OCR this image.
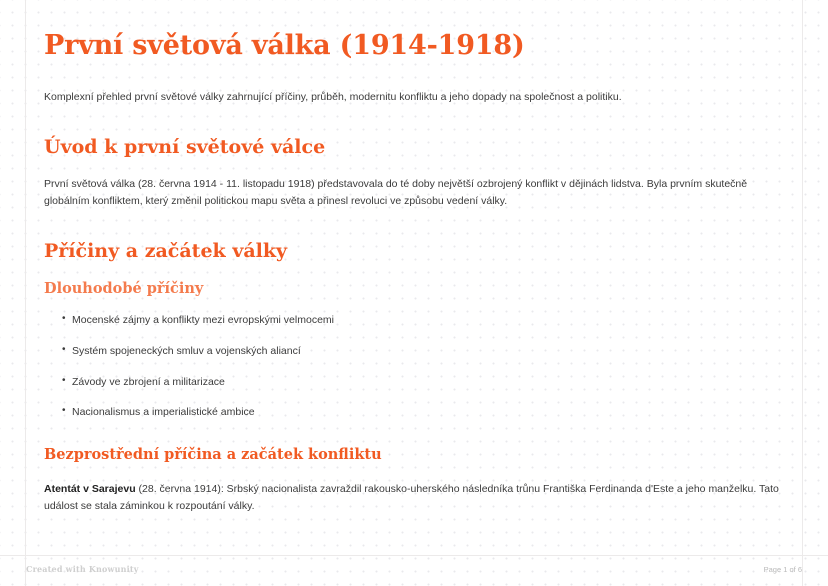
První světová válka (1914-1918)

Komplexní přehled první světové války zahrnující příčiny, průběh, modernitu konfliktu a jeho dopady na společnost a politiku.

Úvod k první světové válce

První světová válka (28. června 1914 - 11. listopadu 1918) představovala do té doby největší ozbrojený konflikt v dějinách lidstva. Byla prvním skutečně globálním konfliktem, který změnil politickou mapu světa a přinesl revoluci ve způsobu vedení války.

Příčiny a začátek války
Dlouhodobé příčiny
• Mocenské zájmy a konflikty mezi evropskými velmocemi
• Systém spojeneckých smluv a vojenských aliancí
• Závody ve zbrojení a militarizace
• Nacionalismus a imperialistické ambice
Bezprostřední příčina a začátek konfliktu

Atentát v Sarajevu (28. června 1914): Srbský nacionalista zavraždil rakousko-uherského následníka trůnu Františka Ferdinanda d'Este a jeho manželku. Tato událost se stala záminkou k rozpoutání války.

Created with Knowunity	Page 1 of 6
